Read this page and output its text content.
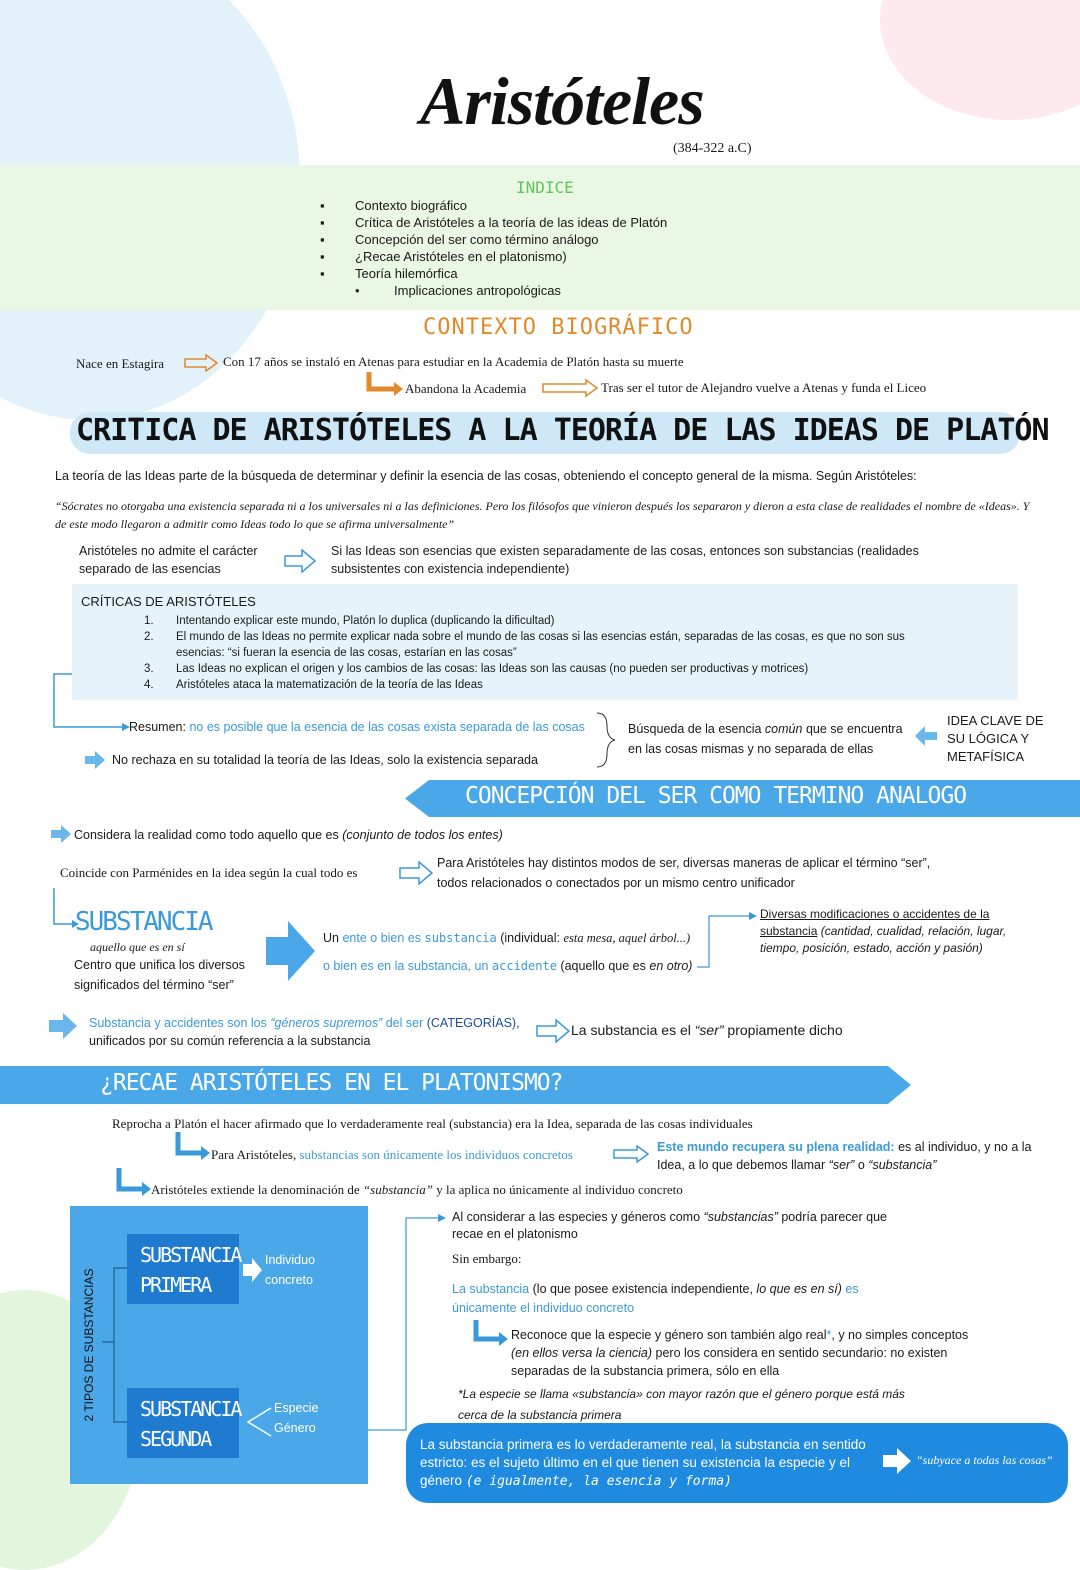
Aristóteles
(384-322 a.C)
INDICE
▪ Contexto biográfico
▪ Crítica de Aristóteles a la teoría de las ideas de Platón
▪ Concepción del ser como término análogo
▪ ¿Recae Aristóteles en el platonismo)
▪ Teoría hilemórfica
•	Implicaciones antropológicas
CONTEXTO BIOGRÁFICO
Nace en Estagira	Con 17 años se instaló en Atenas para estudiar en la Academia de Platón hasta su muerte
Abandona la Academia	Tras ser el tutor de Alejandro vuelve a Atenas y funda el Liceo
CRITICA DE ARISTÓTELES A LA TEORÍA DE LAS IDEAS DE PLATÓN
La teoría de las Ideas parte de la búsqueda de determinar y definir la esencia de las cosas, obteniendo el concepto general de la misma. Según Aristóteles:
“Sócrates no otorgaba una existencia separada ni a los universales ni a las definiciones. Pero los filósofos que vinieron después los separaron y dieron a esta clase de realidades el nombre de «Ideas». Y de este modo llegaron a admitir como Ideas todo lo que se afirma universalmente”
Aristóteles no admite el carácter separado de las esencias
Si las Ideas son esencias que existen separadamente de las cosas, entonces son substancias (realidades subsistentes con existencia independiente)
CRÍTICAS DE ARISTÓTELES
1. Intentando explicar este mundo, Platón lo duplica (duplicando la dificultad)
2. El mundo de las Ideas no permite explicar nada sobre el mundo de las cosas si las esencias están, separadas de las cosas, es que no son sus
esencias: “si fueran la esencia de las cosas, estarían en las cosas”
3. Las Ideas no explican el origen y los cambios de las cosas: las Ideas son las causas (no pueden ser productivas y motrices)
4. Aristóteles ataca la matematización de la teoría de las Ideas
Resumen: no es posible que la esencia de las cosas exista separada de las cosas
No rechaza en su totalidad la teoría de las Ideas, solo la existencia separada
Búsqueda de la esencia común que se encuentra
en las cosas mismas y no separada de ellas
IDEA CLAVE DE SU LÓGICA Y METAFÍSICA
CONCEPCIÓN DEL SER COMO TERMINO ANALOGO
Considera la realidad como todo aquello que es (conjunto de todos los entes)
Coincide con Parménides en la idea según la cual todo es
Para Aristóteles hay distintos modos de ser, diversas maneras de aplicar el término “ser”, todos relacionados o conectados por un mismo centro unificador
SUBSTANCIA
aquello que es en sí
Centro que unifica los diversos significados del término “ser”
Un ente o bien es substancia (individual: esta mesa, aquel árbol...)
o bien es en la substancia, un accidente (aquello que es en otro)
Diversas modificaciones o accidentes de la substancia (cantidad, cualidad, relación, lugar, tiempo, posición, estado, acción y pasión)
Substancia y accidentes son los “géneros supremos” del ser (CATEGORÍAS),
unificados por su común referencia a la substancia
La substancia es el “ser” propiamente dicho
¿RECAE ARISTÓTELES EN EL PLATONISMO?
Reprocha a Platón el hacer afirmado que lo verdaderamente real (substancia) era la Idea, separada de las cosas individuales
Para Aristóteles, substancias son únicamente los individuos concretos	Este mundo recupera su plena realidad: es al individuo, y no a la Idea, a lo que debemos llamar “ser” o “substancia”
Aristóteles extiende la denominación de “substancia” y la aplica no únicamente al individuo concreto
2 TIPOS DE SUBSTANCIAS
SUBSTANCIA PRIMERA
Individuo concreto
SUBSTANCIA SEGUNDA
Especie
Género
Al considerar a las especies y géneros como “substancias” podría parecer que recae en el platonismo
Sin embargo:
La substancia (lo que posee existencia independiente, lo que es en sí) es únicamente el individuo concreto
Reconoce que la especie y género son también algo real*, y no simples conceptos (en ellos versa la ciencia) pero los considera en sentido secundario: no existen separadas de la substancia primera, sólo en ella
*La especie se llama «substancia» con mayor razón que el género porque está más cerca de la substancia primera
La substancia primera es lo verdaderamente real, la substancia en sentido estricto: es el sujeto último en el que tienen su existencia la especie y el género (e igualmente, la esencia y forma)
“subyace a todas las cosas”
